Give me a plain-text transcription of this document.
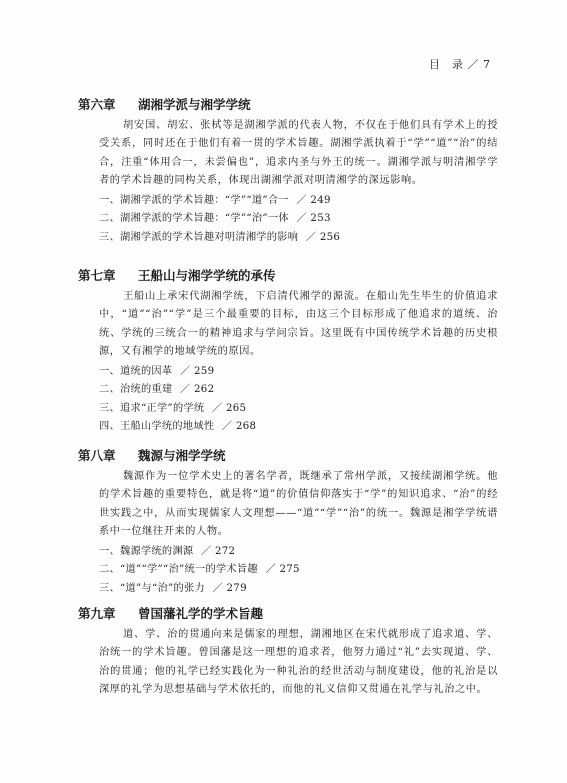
目　录 ／ 7
第六章	湖湘学派与湘学学统
胡安国、胡宏、张栻等是湖湘学派的代表人物，不仅在于他们具有学术上的授受关系，同时还在于他们有着一贯的学术旨趣。湖湘学派执着于“学”“道”“治”的结合，注重“体用合一，未尝偏也”，追求内圣与外王的统一。湖湘学派与明清湘学学者的学术旨趣的同构关系，体现出湖湘学派对明清湘学的深远影响。
一、湖湘学派的学术旨趣：“学”“道”合一 ／ 249
二、湖湘学派的学术旨趣：“学”“治”一体 ／ 253
三、湖湘学派的学术旨趣对明清湘学的影响 ／ 256
第七章	王船山与湘学学统的承传
王船山上承宋代湖湘学统，下启清代湘学的源流。在船山先生毕生的价值追求中，“道”“治”“学”是三个最重要的目标，由这三个目标形成了他追求的道统、治统、学统的三统合一的精神追求与学问宗旨。这里既有中国传统学术旨趣的历史根源，又有湘学的地域学统的原因。
一、道统的因革 ／ 259
二、治统的重建 ／ 262
三、追求“正学”的学统 ／ 265
四、王船山学统的地域性 ／ 268
第八章	魏源与湘学学统
魏源作为一位学术史上的著名学者，既继承了常州学派，又接续湖湘学统。他的学术旨趣的重要特色，就是将“道”的价值信仰落实于“学”的知识追求、“治”的经世实践之中，从而实现儒家人文理想——“道”“学”“治”的统一。魏源是湘学学统谱系中一位继往开来的人物。
一、魏源学统的渊源 ／ 272
二、“道”“学”“治”统一的学术旨趣 ／ 275
三、“道”与“治”的张力 ／ 279
第九章	曾国藩礼学的学术旨趣
道、学、治的贯通向来是儒家的理想，湖湘地区在宋代就形成了追求道、学、治统一的学术旨趣。曾国藩是这一理想的追求者，他努力通过“礼”去实现道、学、治的贯通；他的礼学已经实践化为一种礼治的经世活动与制度建设，他的礼治是以深厚的礼学为思想基础与学术依托的，而他的礼义信仰又贯通在礼学与礼治之中。
